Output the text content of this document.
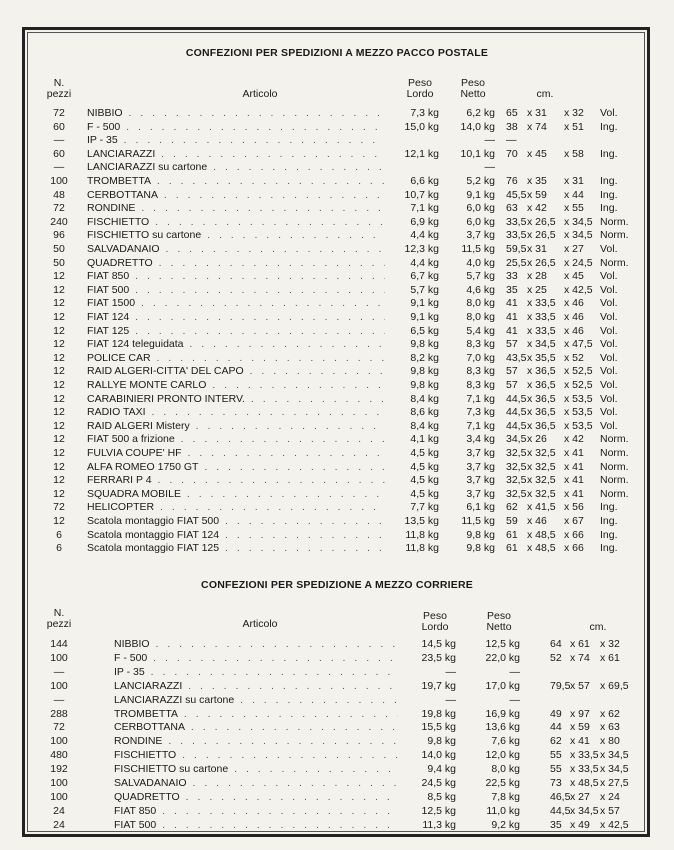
CONFEZIONI PER SPEDIZIONI A MEZZO PACCO POSTALE
N.
pezzi	Articolo
Peso
Lordo
Peso
Netto	cm.
72	NIBBIO . . .	7,3 kg	6,2 kg 65 x 31 x 32 Vol.
60	F - 500 . . .	15,0 kg	14,0 kg 38 x 74 x 51 Ing.
—	IP - 35 . . .	— —
60	LANCIARAZZI . . .	12,1 kg	10,1 kg 70 x 45 x 58 Ing.
—	LANCIARAZZI su cartone . . .	—
100	TROMBETTA . . .	6,6 kg	5,2 kg 76 x 35 x 31 Ing.
48	CERBOTTANA . . .	10,7 kg	9,1 kg 45,5 x 59 x 44 Ing.
72	RONDINE . . .	7,1 kg	6,0 kg 63 x 42 x 55 Ing.
240	FISCHIETTO . . .	6,9 kg	6,0 kg 33,5 x 26,5 x 34,5 Norm.
96	FISCHIETTO su cartone . . .	4,4 kg	3,7 kg 33,5 x 26,5 x 34,5 Norm.
50	SALVADANAIO . . .	12,3 kg	11,5 kg 59,5 x 31 x 27 Vol.
50	QUADRETTO . . .	4,4 kg	4,0 kg 25,5 x 26,5 x 24,5 Norm.
12	FIAT 850 . . .	6,7 kg	5,7 kg 33 x 28 x 45 Vol.
12	FIAT 500 . . .	5,7 kg	4,6 kg 35 x 25 x 42,5 Vol.
12	FIAT 1500 . . .	9,1 kg	8,0 kg 41 x 33,5 x 46 Vol.
12	FIAT 124 . . .	9,1 kg	8,0 kg 41 x 33,5 x 46 Vol.
12	FIAT 125 . . .	6,5 kg	5,4 kg 41 x 33,5 x 46 Vol.
12	FIAT 124 teleguidata . . .	9,8 kg	8,3 kg 57 x 34,5 x 47,5 Vol.
12	POLICE CAR . . .	8,2 kg	7,0 kg 43,5 x 35,5 x 52 Vol.
12	RAID ALGERI-CITTA' DEL CAPO . . .	9,8 kg	8,3 kg 57 x 36,5 x 52,5 Vol.
12	RALLYE MONTE CARLO . . .	9,8 kg	8,3 kg 57 x 36,5 x 52,5 Vol.
12	CARABINIERI PRONTO INTERV. . . .	8,4 kg	7,1 kg 44,5 x 36,5 x 53,5 Vol.
12	RADIO TAXI . . .	8,6 kg	7,3 kg 44,5 x 36,5 x 53,5 Vol.
12	RAID ALGERI Mistery . . .	8,4 kg	7,1 kg 44,5 x 36,5 x 53,5 Vol.
12	FIAT 500 a frizione . . .	4,1 kg	3,4 kg 34,5 x 26 x 42 Norm.
12	FULVIA COUPE' HF . . .	4,5 kg	3,7 kg 32,5 x 32,5 x 41 Norm.
12	ALFA ROMEO 1750 GT . . .	4,5 kg	3,7 kg 32,5 x 32,5 x 41 Norm.
12	FERRARI P 4 . . .	4,5 kg	3,7 kg 32,5 x 32,5 x 41 Norm.
12	SQUADRA MOBILE . . .	4,5 kg	3,7 kg 32,5 x 32,5 x 41 Norm.
72	HELICOPTER . . .	7,7 kg	6,1 kg 62 x 41,5 x 56 Ing.
12	Scatola montaggio FIAT 500 . . .	13,5 kg	11,5 kg 59 x 46 x 67 Ing.
6	Scatola montaggio FIAT 124 . . .	11,8 kg	9,8 kg 61 x 48,5 x 66 Ing.
6	Scatola montaggio FIAT 125 . . .	11,8 kg	9,8 kg 61 x 48,5 x 66 Ing.
CONFEZIONI PER SPEDIZIONE A MEZZO CORRIERE
N.
pezzi	Articolo
Peso
Lordo
Peso
Netto	cm.
144	NIBBIO . . .	14,5 kg	12,5 kg	64 x 61 x 32
100	F - 500 . . .	23,5 kg	22,0 kg	52 x 74 x 61
—	IP - 35 . . .	—	—
100	LANCIARAZZI . . .	19,7 kg	17,0 kg	79,5 x 57 x 69,5
—	LANCIARAZZI su cartone . . .	—	—
288	TROMBETTA . . .	19,8 kg	16,9 kg	49 x 97 x 62
72	CERBOTTANA . . .	15,5 kg	13,6 kg	44 x 59 x 63
100	RONDINE . . .	9,8 kg	7,6 kg	62 x 41 x 80
480	FISCHIETTO . . .	14,0 kg	12,0 kg	55 x 33,5 x 34,5
192	FISCHIETTO su cartone . . .	9,4 kg	8,0 kg	55 x 33,5 x 34,5
100	SALVADANAIO . . .	24,5 kg	22,5 kg	73 x 48,5 x 27,5
100	QUADRETTO . . .	8,5 kg	7,8 kg	46,5 x 27 x 24
24	FIAT 850 . . .	12,5 kg	11,0 kg	44,5 x 34,5 x 57
24	FIAT 500 . . .	11,3 kg	9,2 kg	35 x 49 x 42,5
